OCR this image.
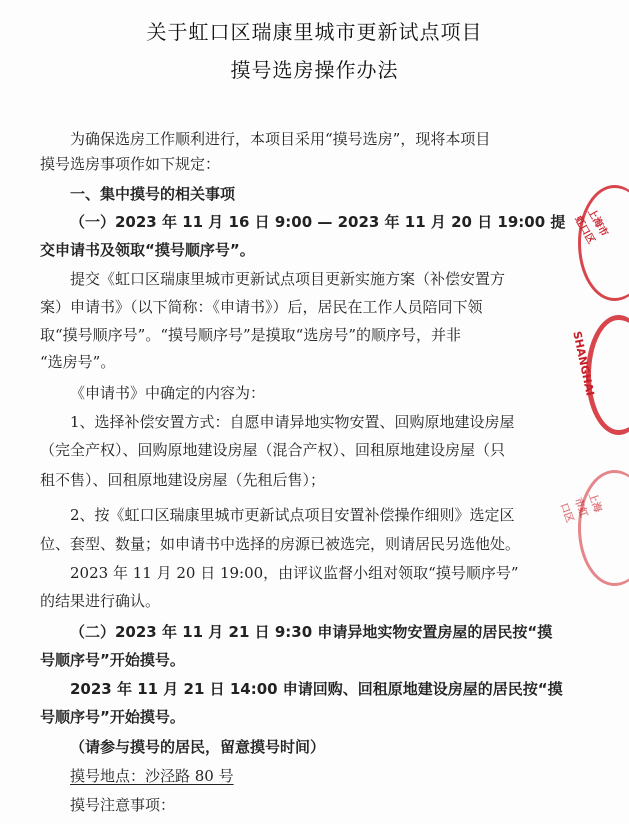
关于虹口区瑞康里城市更新试点项目
摸号选房操作办法
为确保选房工作顺利进行，本项目采用“摸号选房”，现将本项目
摸号选房事项作如下规定：
一、集中摸号的相关事项
（一）2023 年 11 月 16 日 9:00 — 2023 年 11 月 20 日 19:00 提
交申请书及领取“摸号顺序号”。
提交《虹口区瑞康里城市更新试点项目更新实施方案（补偿安置方
案）申请书》（以下简称：《申请书》）后，居民在工作人员陪同下领
取“摸号顺序号”。“摸号顺序号”是摸取“选房号”的顺序号，并非
“选房号”。
《申请书》中确定的内容为：
1、选择补偿安置方式：自愿申请异地实物安置、回购原地建设房屋
（完全产权）、回购原地建设房屋（混合产权）、回租原地建设房屋（只
租不售）、回租原地建设房屋（先租后售）；
2、按《虹口区瑞康里城市更新试点项目安置补偿操作细则》选定区
位、套型、数量；如申请书中选择的房源已被选完，则请居民另选他处。
2023 年 11 月 20 日 19:00，由评议监督小组对领取“摸号顺序号”
的结果进行确认。
（二）2023 年 11 月 21 日 9:30 申请异地实物安置房屋的居民按“摸
号顺序号”开始摸号。
2023 年 11 月 21 日 14:00 申请回购、回租原地建设房屋的居民按“摸
号顺序号”开始摸号。
（请参与摸号的居民，留意摸号时间）
摸号地点：沙泾路 80 号
摸号注意事项：
上海市虹口区
SHANGHAI
上海市虹口区
